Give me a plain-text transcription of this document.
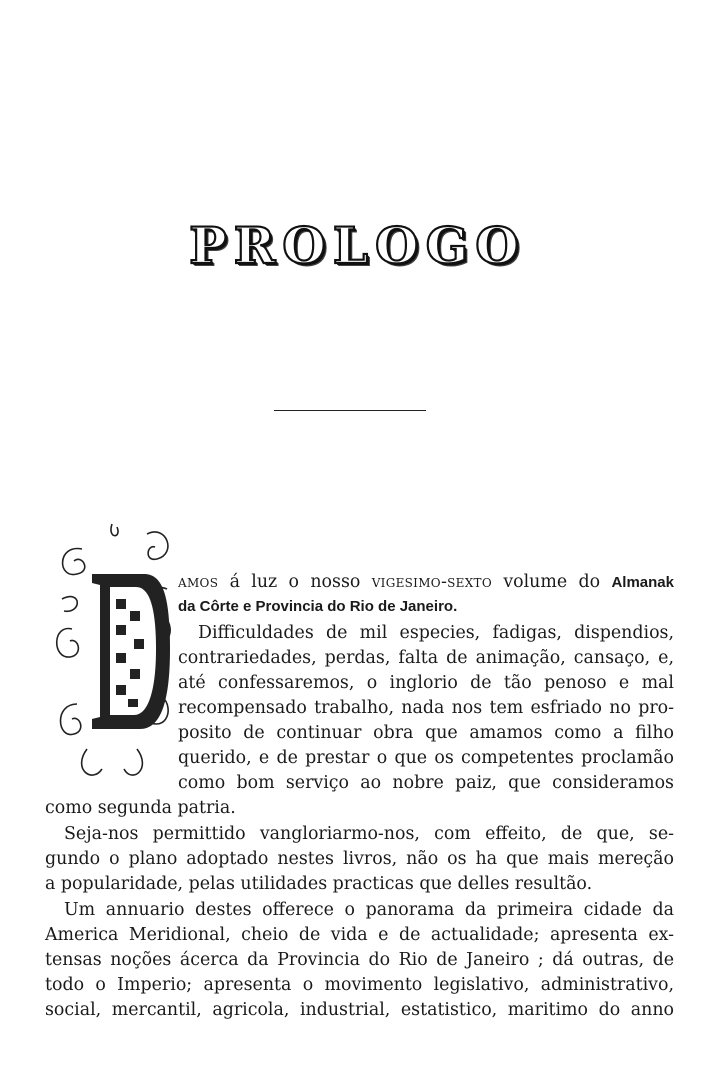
PROLOGO
amos á luz o nosso vigesimo-sexto volume do Almanak
da Côrte e Provincia do Rio de Janeiro.
Difficuldades de mil especies, fadigas, dispendios,
contrariedades, perdas, falta de animação, cansaço, e,
até confessaremos, o inglorio de tão penoso e mal
recompensado trabalho, nada nos tem esfriado no pro-
posito de continuar obra que amamos como a filho
querido, e de prestar o que os competentes proclamão
como bom serviço ao nobre paiz, que consideramos
como segunda patria.
Seja-nos permittido vangloriarmo-nos, com effeito, de que, se-
gundo o plano adoptado nestes livros, não os ha que mais mereção
a popularidade, pelas utilidades practicas que delles resultão.
Um annuario destes offerece o panorama da primeira cidade da
America Meridional, cheio de vida e de actualidade; apresenta ex-
tensas noções ácerca da Provincia do Rio de Janeiro ; dá outras, de
todo o Imperio; apresenta o movimento legislativo, administrativo,
social, mercantil, agricola, industrial, estatistico, maritimo do anno
